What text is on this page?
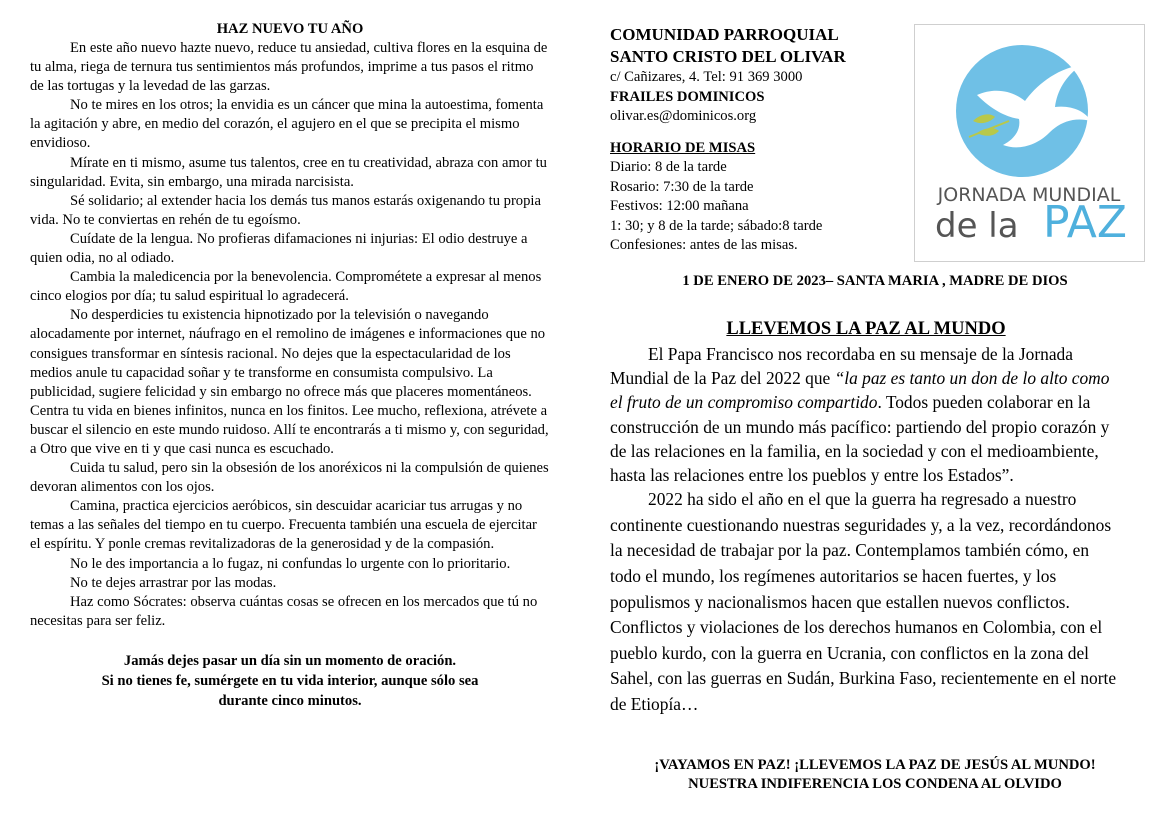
HAZ NUEVO TU AÑO

En este año nuevo hazte nuevo, reduce tu ansiedad, cultiva flores en la esquina de tu alma, riega de ternura tus sentimientos más profundos, imprime a tus pasos el ritmo de las tortugas y la levedad de las garzas.

No te mires en los otros; la envidia es un cáncer que mina la autoestima, fomenta la agitación y abre, en medio del corazón, el agujero en el que se precipita el mismo envidioso.

Mírate en ti mismo, asume tus talentos, cree en tu creatividad, abraza con amor tu singularidad. Evita, sin embargo, una mirada narcisista.

Sé solidario; al extender hacia los demás tus manos estarás oxigenando tu propia vida. No te conviertas en rehén de tu egoísmo.

Cuídate de la lengua. No profieras difamaciones ni injurias: El odio destruye a quien odia, no al odiado.

Cambia la maledicencia por la benevolencia. Comprométete a expresar al menos cinco elogios por día; tu salud espiritual lo agradecerá.

No desperdicies tu existencia hipnotizado por la televisión o navegando alocadamente por internet, náufrago en el remolino de imágenes e informaciones que no consigues transformar en síntesis racional. No dejes que la espectacularidad de los medios anule tu capacidad soñar y te transforme en consumista compulsivo. La publicidad, sugiere felicidad y sin embargo no ofrece más que placeres momentáneos.

Centra tu vida en bienes infinitos, nunca en los finitos. Lee mucho, reflexiona, atrévete a buscar el silencio en este mundo ruidoso. Allí te encontrarás a ti mismo y, con seguridad, a Otro que vive en ti y que casi nunca es escuchado.

Cuida tu salud, pero sin la obsesión de los anoréxicos ni la compulsión de quienes devoran alimentos con los ojos.

Camina, practica ejercicios aeróbicos, sin descuidar acariciar tus arrugas y no temas a las señales del tiempo en tu cuerpo. Frecuenta también una escuela de ejercitar el espíritu. Y ponle cremas revitalizadoras de la generosidad y de la compasión.

No le des importancia a lo fugaz, ni confundas lo urgente con lo prioritario.

No te dejes arrastrar por las modas.

Haz como Sócrates: observa cuántas cosas se ofrecen en los mercados que tú no necesitas para ser feliz.

Jamás dejes pasar un día sin un momento de oración.
Si no tienes fe, sumérgete en tu vida interior, aunque sólo sea
durante cinco minutos.
COMUNIDAD PARROQUIAL
SANTO CRISTO DEL OLIVAR
c/ Cañizares, 4. Tel: 91 369 3000
FRAILES DOMINICOS
olivar.es@dominicos.org
HORARIO DE MISAS
Diario: 8 de la tarde
Rosario: 7:30 de la tarde
Festivos: 12:00 mañana
1: 30; y 8 de la tarde; sábado:8 tarde
Confesiones: antes de las misas.
JORNADA MUNDIAL
de la PAZ
1 DE ENERO DE 2023– SANTA MARIA , MADRE DE DIOS
LLEVEMOS LA PAZ AL MUNDO

El Papa Francisco nos recordaba en su mensaje de la Jornada Mundial de la Paz del 2022 que “la paz es tanto un don de lo alto como el fruto de un compromiso compartido. Todos pueden colaborar en la construcción de un mundo más pacífico: partiendo del propio corazón y de las relaciones en la familia, en la sociedad y con el medioambiente, hasta las relaciones entre los pueblos y entre los Estados”.

2022 ha sido el año en el que la guerra ha regresado a nuestro continente cuestionando nuestras seguridades y, a la vez, recordándonos la necesidad de trabajar por la paz. Contemplamos también cómo, en todo el mundo, los regímenes autoritarios se hacen fuertes, y los populismos y nacionalismos hacen que estallen nuevos conflictos. Conflictos y violaciones de los derechos humanos en Colombia, con el pueblo kurdo, con la guerra en Ucrania, con conflictos en la zona del Sahel, con las guerras en Sudán, Burkina Faso, recientemente en el norte de Etiopía…

¡VAYAMOS EN PAZ! ¡LLEVEMOS LA PAZ DE JESÚS AL MUNDO!
NUESTRA INDIFERENCIA LOS CONDENA AL OLVIDO
